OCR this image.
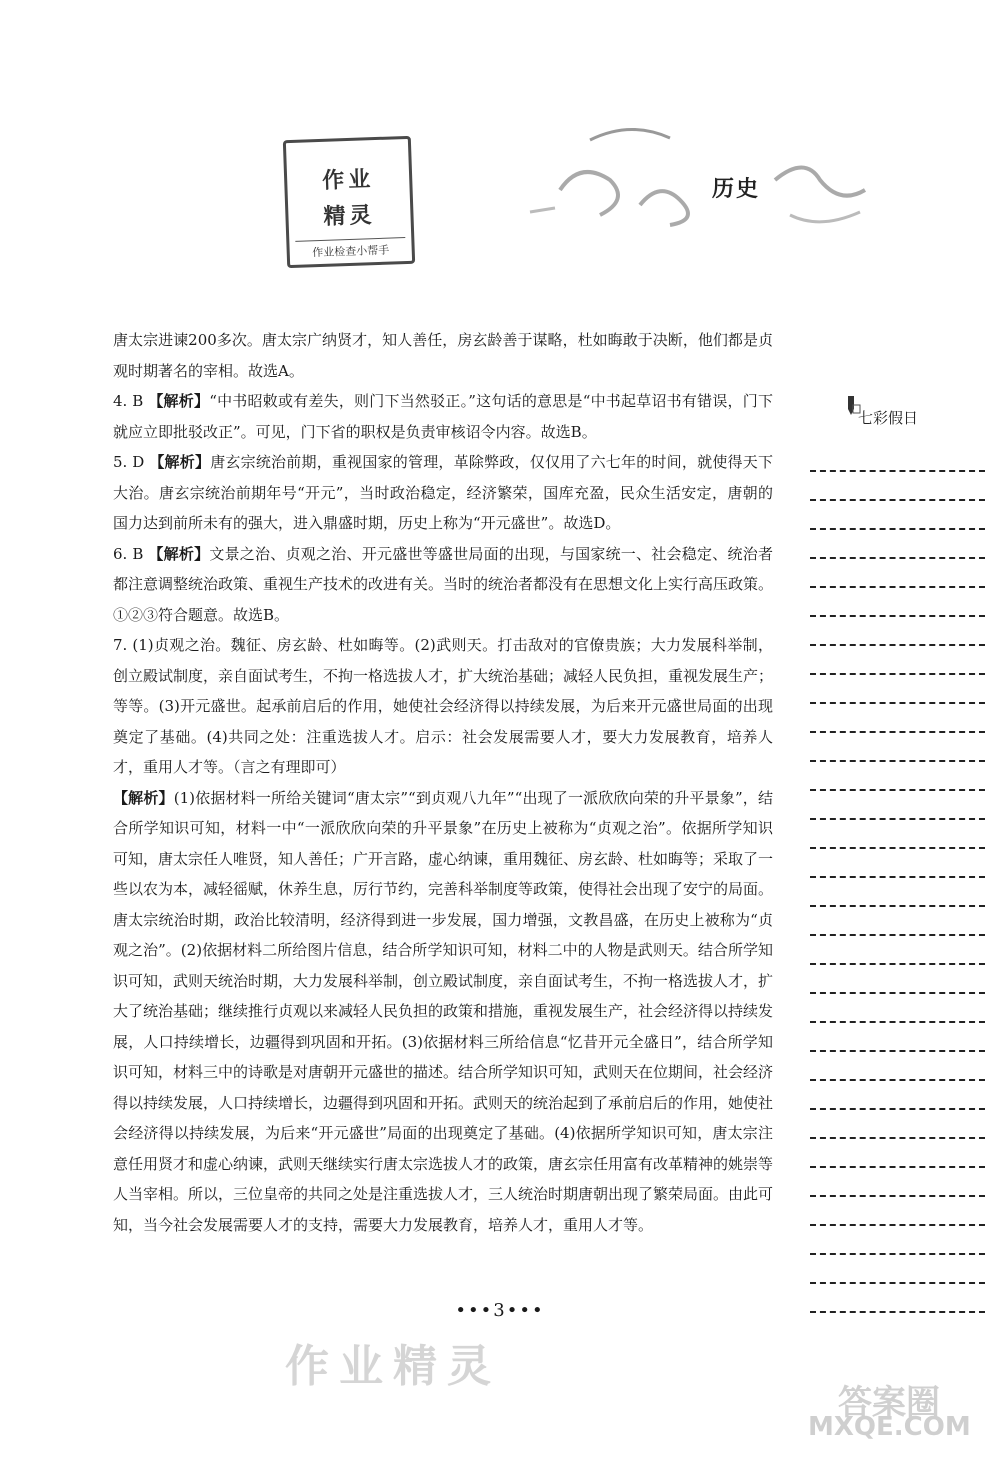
作业
精灵
作业检查小帮手
历史

唐太宗进谏200多次。唐太宗广纳贤才，知人善任，房玄龄善于谋略，杜如晦敢于决断，他们都是贞观时期著名的宰相。故选A。

4. B 【解析】“中书昭敕或有差失，则门下当然驳正。”这句话的意思是“中书起草诏书有错误，门下就应立即批驳改正”。可见，门下省的职权是负责审核诏令内容。故选B。

5. D 【解析】唐玄宗统治前期，重视国家的管理，革除弊政，仅仅用了六七年的时间，就使得天下大治。唐玄宗统治前期年号“开元”，当时政治稳定，经济繁荣，国库充盈，民众生活安定，唐朝的国力达到前所未有的强大，进入鼎盛时期，历史上称为“开元盛世”。故选D。

6. B 【解析】文景之治、贞观之治、开元盛世等盛世局面的出现，与国家统一、社会稳定、统治者都注意调整统治政策、重视生产技术的改进有关。当时的统治者都没有在思想文化上实行高压政策。①②③符合题意。故选B。

7. (1)贞观之治。魏征、房玄龄、杜如晦等。(2)武则天。打击敌对的官僚贵族；大力发展科举制，创立殿试制度，亲自面试考生，不拘一格选拔人才，扩大统治基础；减轻人民负担，重视发展生产；等等。(3)开元盛世。起承前启后的作用，她使社会经济得以持续发展，为后来开元盛世局面的出现奠定了基础。(4)共同之处：注重选拔人才。启示：社会发展需要人才，要大力发展教育，培养人才，重用人才等。（言之有理即可）

【解析】(1)依据材料一所给关键词“唐太宗”“到贞观八九年”“出现了一派欣欣向荣的升平景象”，结合所学知识可知，材料一中“一派欣欣向荣的升平景象”在历史上被称为“贞观之治”。依据所学知识可知，唐太宗任人唯贤，知人善任；广开言路，虚心纳谏，重用魏征、房玄龄、杜如晦等；采取了一些以农为本，减轻徭赋，休养生息，厉行节约，完善科举制度等政策，使得社会出现了安宁的局面。唐太宗统治时期，政治比较清明，经济得到进一步发展，国力增强，文教昌盛，在历史上被称为“贞观之治”。(2)依据材料二所给图片信息，结合所学知识可知，材料二中的人物是武则天。结合所学知识可知，武则天统治时期，大力发展科举制，创立殿试制度，亲自面试考生，不拘一格选拔人才，扩大了统治基础；继续推行贞观以来减轻人民负担的政策和措施，重视发展生产，社会经济得以持续发展，人口持续增长，边疆得到巩固和开拓。(3)依据材料三所给信息“忆昔开元全盛日”，结合所学知识可知，材料三中的诗歌是对唐朝开元盛世的描述。结合所学知识可知，武则天在位期间，社会经济得以持续发展，人口持续增长，边疆得到巩固和开拓。武则天的统治起到了承前启后的作用，她使社会经济得以持续发展，为后来“开元盛世”局面的出现奠定了基础。(4)依据所学知识可知，唐太宗注意任用贤才和虚心纳谏，武则天继续实行唐太宗选拔人才的政策，唐玄宗任用富有改革精神的姚崇等人当宰相。所以，三位皇帝的共同之处是注重选拔人才，三人统治时期唐朝出现了繁荣局面。由此可知，当今社会发展需要人才的支持，需要大力发展教育，培养人才，重用人才等。

七彩假日
•••3•••
作业精灵
答案圈
MXQE.COM
